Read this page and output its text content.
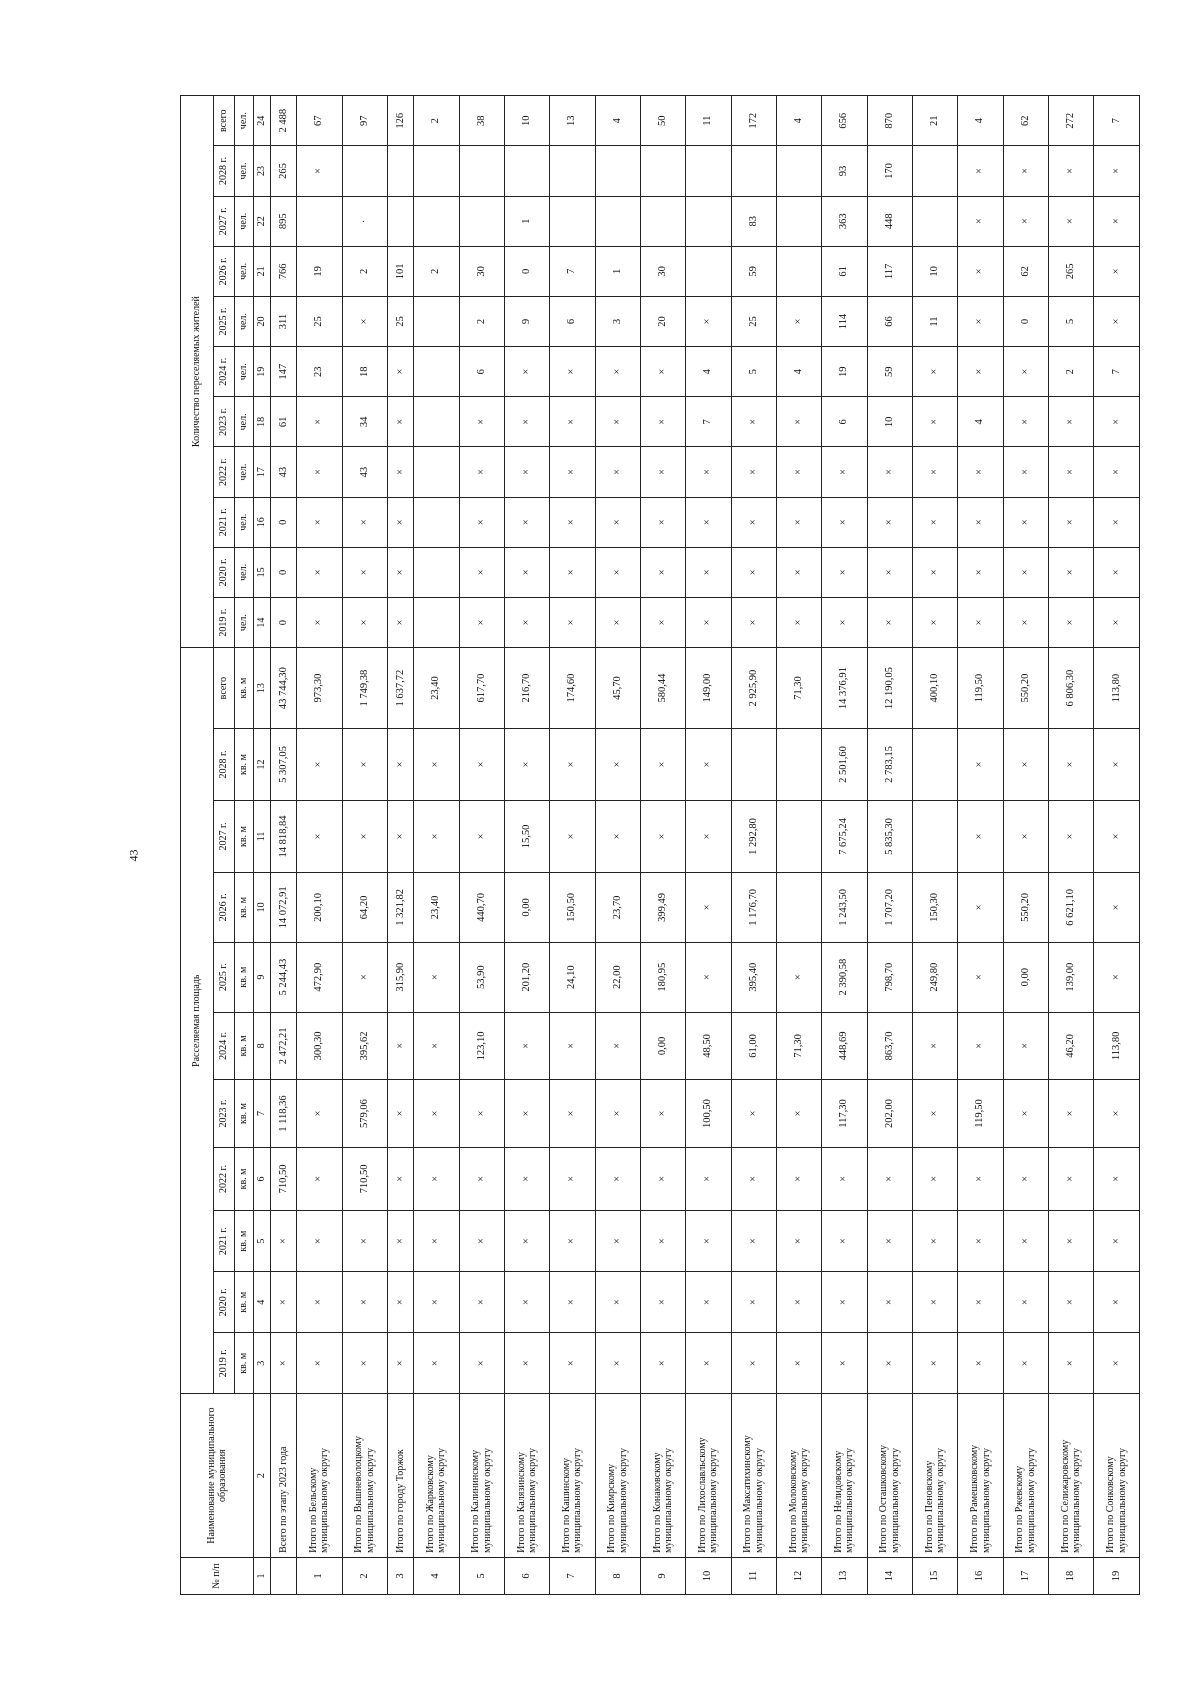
43
№ п/п	Наименование муниципального образования	Расселяемая площадь											Количество переселяемых жителей										
		2019 г.	2020 г.	2021 г.	2022 г.	2023 г.	2024 г.	2025 г.	2026 г.	2027 г.	2028 г.	всего	2019 г.	2020 г.	2021 г.	2022 г.	2023 г.	2024 г.	2025 г.	2026 г.	2027 г.	2028 г.	всего
		кв. м	кв. м	кв. м	кв. м	кв. м	кв. м	кв. м	кв. м	кв. м	кв. м	кв. м	чел.	чел.	чел.	чел.	чел.	чел.	чел.	чел.	чел.	чел.	чел.
1	2	3	4	5	6	7	8	9	10	11	12	13	14	15	16	17	18	19	20	21	22	23	24
	Всего по этапу 2023 года	×	×	×	710,50	1 118,36	2 472,21	5 244,43	14 072,91	14 818,84	5 307,05	43 744,30	0	0	0	43	61	147	311	766	895	265	2 488
1	Итого по Бельскому муниципальному округу	×	×	×	×	×	300,30	472,90	200,10	×	×	973,30	×	×	×	×	×	23	25	19		×	67
2	Итого по Вышневолоцкому муниципальному округу	×	×	×	710,50	579,06	395,62	×	64,20	×	×	1 749,38	×	×	×	43	34	18	×	2	·		97
3	Итого по городу Торжок	×	×	×	×	×	×	315,90	1 321,82	×	×	1 637,72	×	×	×	×	×	×	25	101			126
4	Итого по Жарковскому муниципальному округу	×	×	×	×	×	×	×	23,40	×	×	23,40								2			2
5	Итого по Калининскому муниципальному округу	×	×	×	×	×	123,10	53,90	440,70	×	×	617,70	×	×	×	×	×	6	2	30			38
6	Итого по Калязинскому муниципальному округу	×	×	×	×	×	×	201,20	0,00	15,50	×	216,70	×	×	×	×	×	×	9	0	1		10
7	Итого по Кашинскому муниципальному округу	×	×	×	×	×	×	24,10	150,50	×	×	174,60	×	×	×	×	×	×	6	7			13
8	Итого по Кимрскому муниципальному округу	×	×	×	×	×	×	22,00	23,70	×	×	45,70	×	×	×	×	×	×	3	1			4
9	Итого по Конаковскому муниципальному округу	×	×	×	×	×	0,00	180,95	399,49	×	×	580,44	×	×	×	×	×	×	20	30			50
10	Итого по Лихославльскому муниципальному округу	×	×	×	×	100,50	48,50	×	×	×	×	149,00	×	×	×	×	7	4	×				11
11	Итого по Максатихинскому муниципальному округу	×	×	×	×	×	61,00	395,40	1 176,70	1 292,80		2 925,90	×	×	×	×	×	5	25	59	83		172
12	Итого по Молоковскому муниципальному округу	×	×	×	×	×	71,30	×				71,30	×	×	×	×	×	4	×				4
13	Итого по Нелидовскому муниципальному округу	×	×	×	×	117,30	448,69	2 390,58	1 243,50	7 675,24	2 501,60	14 376,91	×	×	×	×	6	19	114	61	363	93	656
14	Итого по Осташковскому муниципальному округу	×	×	×	×	202,00	863,70	798,70	1 707,20	5 835,30	2 783,15	12 190,05	×	×	×	×	10	59	66	117	448	170	870
15	Итого по Пеновскому муниципальному округу	×	×	×	×	×	×	249,80	150,30			400,10	×	×	×	×	×	×	11	10			21
16	Итого по Рамешковскому муниципальному округу	×	×	×	×	119,50	×	×	×	×	×	119,50	×	×	×	×	4	×	×	×	×	×	4
17	Итого по Ржевскому муниципальному округу	×	×	×	×	×	×	0,00	550,20	×	×	550,20	×	×	×	×	×	×	0	62	×	×	62
18	Итого по Селижаровскому муниципальному округу	×	×	×	×	×	46,20	139,00	6 621,10	×	×	6 806,30	×	×	×	×	×	2	5	265	×	×	272
19	Итого по Сонковскому муниципальному округу	×	×	×	×	×	113,80	×	×	×	×	113,80	×	×	×	×	×	7	×	×	×	×	7
